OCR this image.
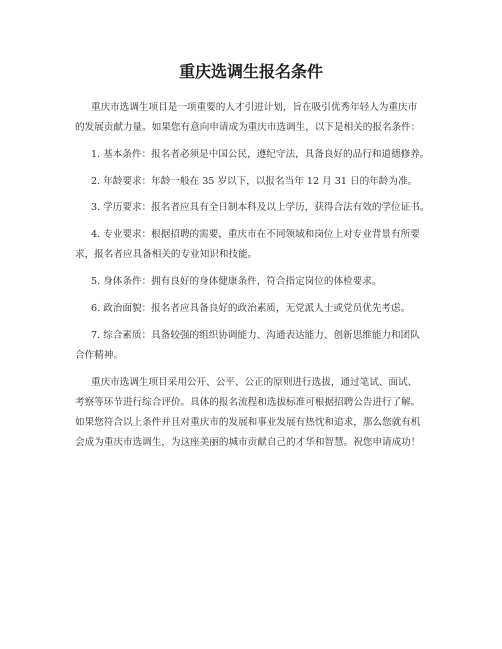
重庆选调生报名条件

重庆市选调生项目是一项重要的人才引进计划，旨在吸引优秀年轻人为重庆市

的发展贡献力量。如果您有意向申请成为重庆市选调生，以下是相关的报名条件：

1. 基本条件：报名者必须是中国公民，遵纪守法，具备良好的品行和道德修养。

2. 年龄要求：年龄一般在 35 岁以下，以报名当年 12 月 31 日的年龄为准。

3. 学历要求：报名者应具有全日制本科及以上学历，获得合法有效的学位证书。

4. 专业要求：根据招聘的需要，重庆市在不同领域和岗位上对专业背景有所要

求，报名者应具备相关的专业知识和技能。

5. 身体条件：拥有良好的身体健康条件，符合指定岗位的体检要求。

6. 政治面貌：报名者应具备良好的政治素质，无党派人士或党员优先考虑。

7. 综合素质：具备较强的组织协调能力、沟通表达能力、创新思维能力和团队

合作精神。

重庆市选调生项目采用公开、公平、公正的原则进行选拔，通过笔试、面试、

考察等环节进行综合评价。具体的报名流程和选拔标准可根据招聘公告进行了解。

如果您符合以上条件并且对重庆市的发展和事业发展有热忱和追求，那么您就有机

会成为重庆市选调生，为这座美丽的城市贡献自己的才华和智慧。祝您申请成功！
